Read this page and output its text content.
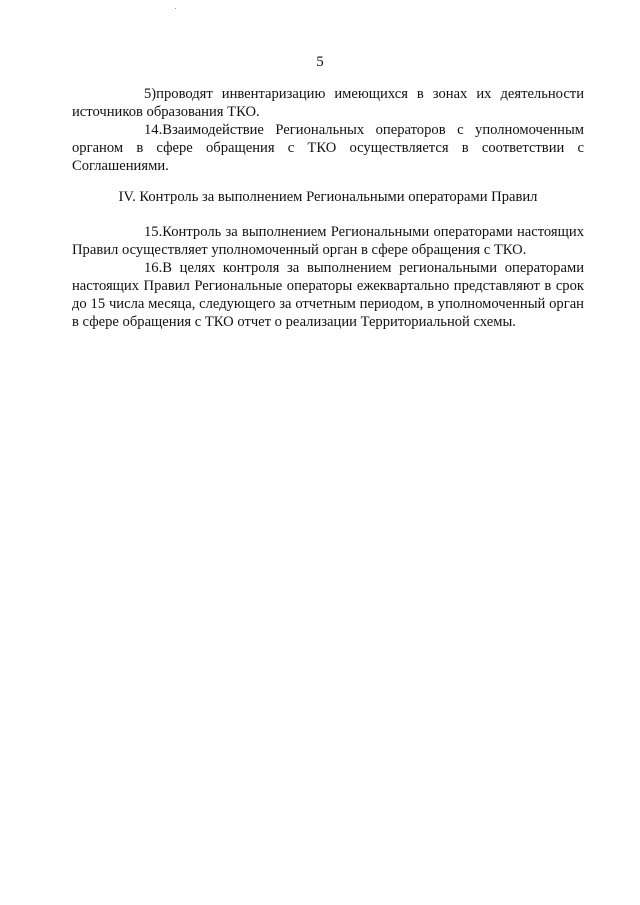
5

5)проводят инвентаризацию имеющихся в зонах их деятельности источников образования ТКО.

14.Взаимодействие Региональных операторов с уполномоченным органом в сфере обращения с ТКО осуществляется в соответствии с Соглашениями.

IV. Контроль за выполнением Региональными операторами Правил

15.Контроль за выполнением Региональными операторами настоящих Правил осуществляет уполномоченный орган в сфере обращения с ТКО.

16.В целях контроля за выполнением региональными операторами настоящих Правил Региональные операторы ежеквартально представляют в срок до 15 числа месяца, следующего за отчетным периодом, в уполномоченный орган в сфере обращения с ТКО отчет о реализации Территориальной схемы.
